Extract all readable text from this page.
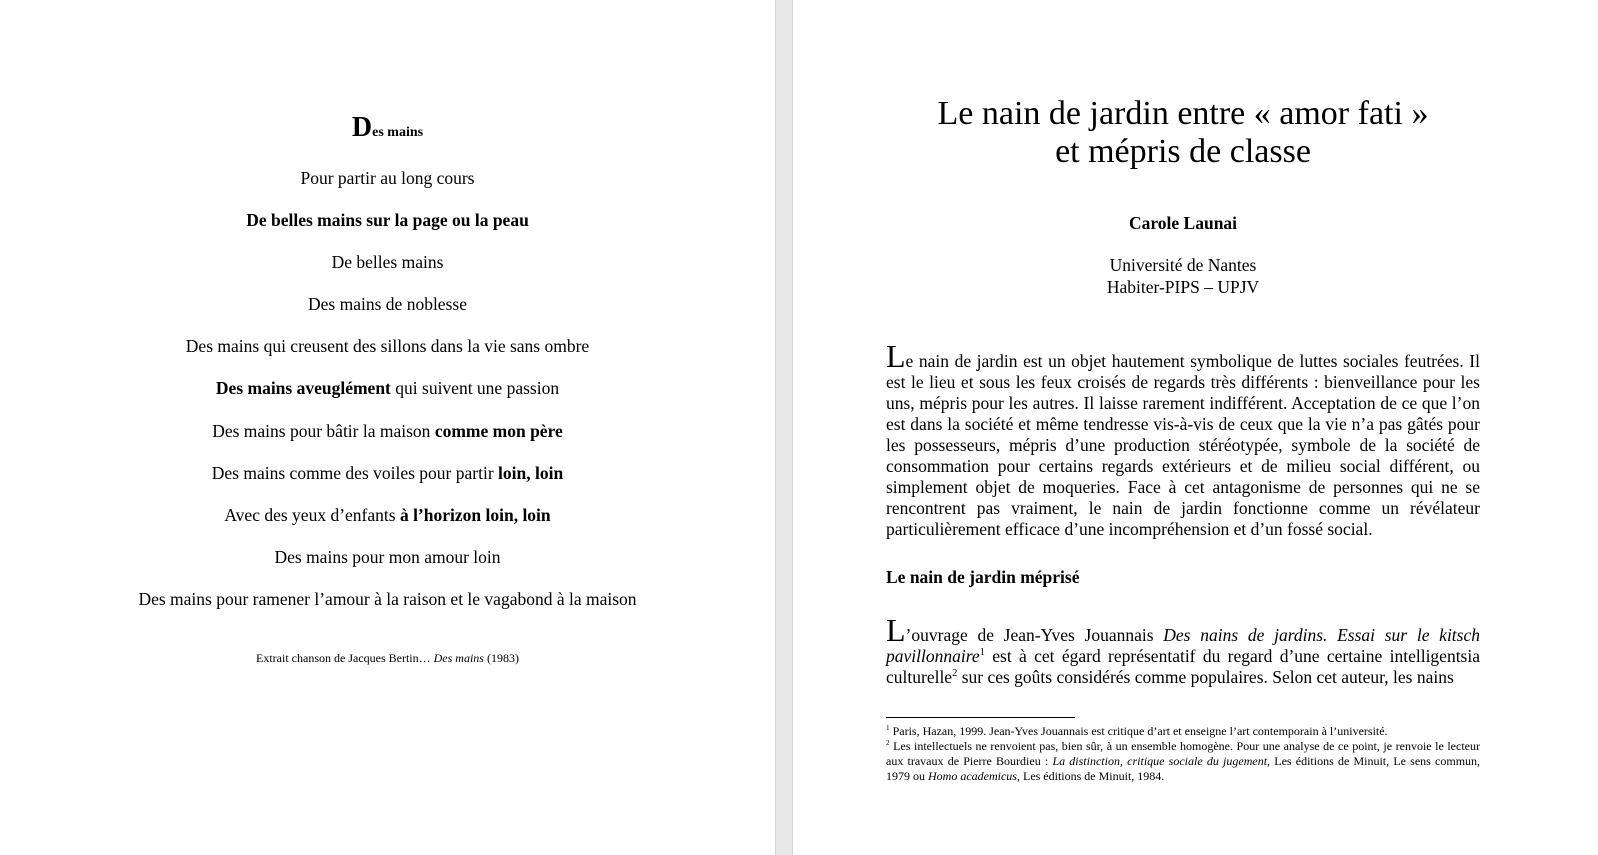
Des mains
Pour partir au long cours
De belles mains sur la page ou la peau
De belles mains
Des mains de noblesse
Des mains qui creusent des sillons dans la vie sans ombre
Des mains aveuglément qui suivent une passion
Des mains pour bâtir la maison comme mon père
Des mains comme des voiles pour partir loin, loin
Avec des yeux d’enfants à l’horizon loin, loin
Des mains pour mon amour loin
Des mains pour ramener l’amour à la raison et le vagabond à la maison
Extrait chanson de Jacques Bertin… Des mains (1983)
Le nain de jardin entre « amor fati »
et mépris de classe
Carole Launai
Université de Nantes
Habiter-PIPS – UPJV

Le nain de jardin est un objet hautement symbolique de luttes sociales feutrées. Il est le lieu et sous les feux croisés de regards très différents : bienveillance pour les uns, mépris pour les autres. Il laisse rarement indifférent. Acceptation de ce que l’on est dans la société et même tendresse vis-à-vis de ceux que la vie n’a pas gâtés pour les possesseurs, mépris d’une production stéréotypée, symbole de la société de consommation pour certains regards extérieurs et de milieu social différent, ou simplement objet de moqueries. Face à cet antagonisme de personnes qui ne se rencontrent pas vraiment, le nain de jardin fonctionne comme un révélateur particulièrement efficace d’une incompréhension et d’un fossé social.

Le nain de jardin méprisé

L’ouvrage de Jean-Yves Jouannais Des nains de jardins. Essai sur le kitsch pavillonnaire$^1$ est à cet égard représentatif du regard d’une certaine intelligentsia culturelle$^2$ sur ces goûts considérés comme populaires. Selon cet auteur, les nains

$^1$ Paris, Hazan, 1999. Jean-Yves Jouannais est critique d’art et enseigne l’art contemporain à l’université.

$^2$ Les intellectuels ne renvoient pas, bien sûr, à un ensemble homogène. Pour une analyse de ce point, je renvoie le lecteur aux travaux de Pierre Bourdieu : La distinction, critique sociale du jugement, Les éditions de Minuit, Le sens commun, 1979 ou Homo academicus, Les éditions de Minuit, 1984.
